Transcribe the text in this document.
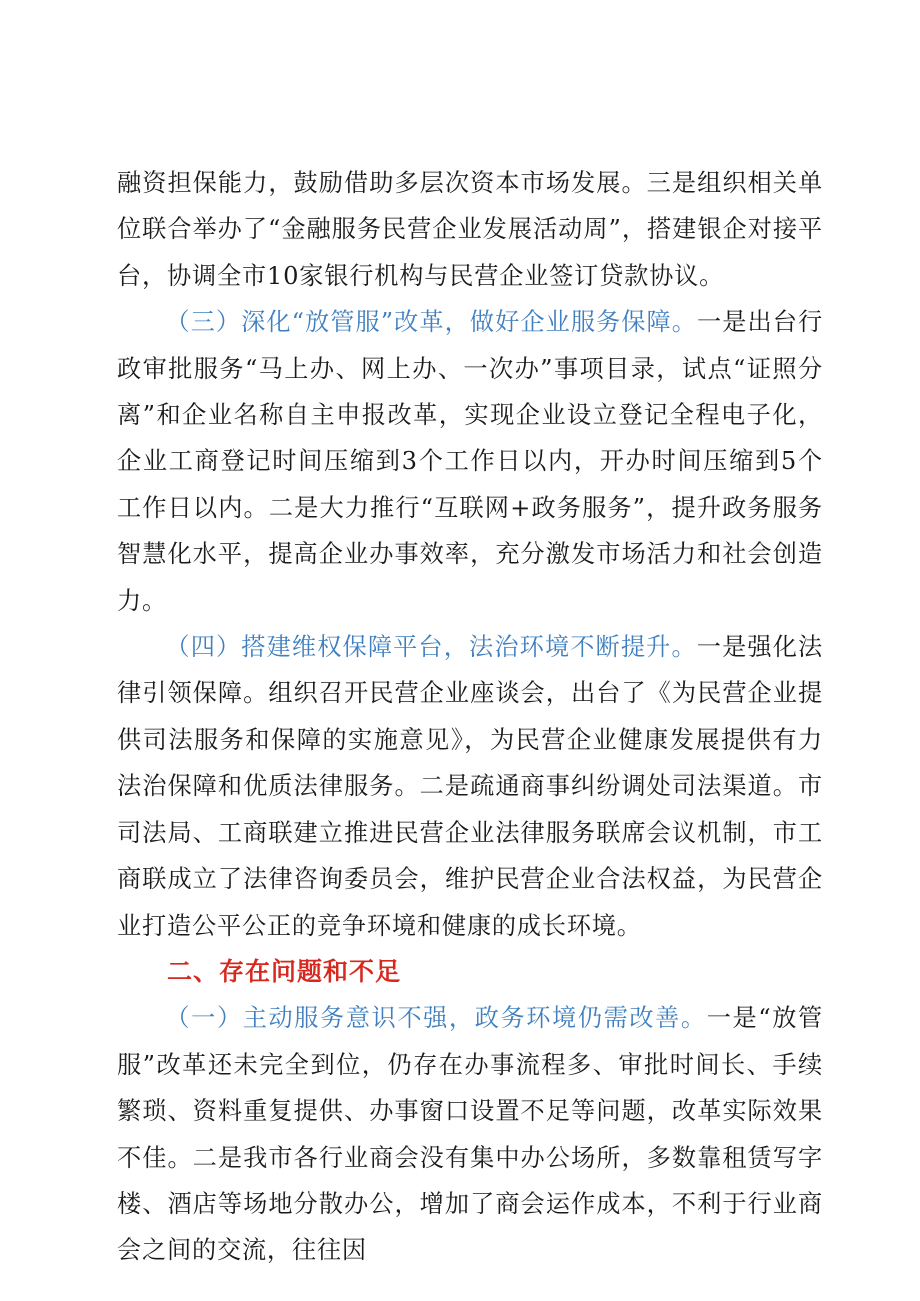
融资担保能力，鼓励借助多层次资本市场发展。三是组织相关单位联合举办了“金融服务民营企业发展活动周”，搭建银企对接平台，协调全市10家银行机构与民营企业签订贷款协议。

（三）深化“放管服”改革，做好企业服务保障。一是出台行政审批服务“马上办、网上办、一次办”事项目录，试点“证照分离”和企业名称自主申报改革，实现企业设立登记全程电子化，企业工商登记时间压缩到3个工作日以内，开办时间压缩到5个工作日以内。二是大力推行“互联网+政务服务”，提升政务服务智慧化水平，提高企业办事效率，充分激发市场活力和社会创造力。

（四）搭建维权保障平台，法治环境不断提升。一是强化法律引领保障。组织召开民营企业座谈会，出台了《为民营企业提供司法服务和保障的实施意见》，为民营企业健康发展提供有力法治保障和优质法律服务。二是疏通商事纠纷调处司法渠道。市司法局、工商联建立推进民营企业法律服务联席会议机制，市工商联成立了法律咨询委员会，维护民营企业合法权益，为民营企业打造公平公正的竞争环境和健康的成长环境。

二、存在问题和不足

（一）主动服务意识不强，政务环境仍需改善。一是“放管服”改革还未完全到位，仍存在办事流程多、审批时间长、手续繁琐、资料重复提供、办事窗口设置不足等问题，改革实际效果不佳。二是我市各行业商会没有集中办公场所，多数靠租赁写字楼、酒店等场地分散办公，增加了商会运作成本，不利于行业商会之间的交流，往往因
